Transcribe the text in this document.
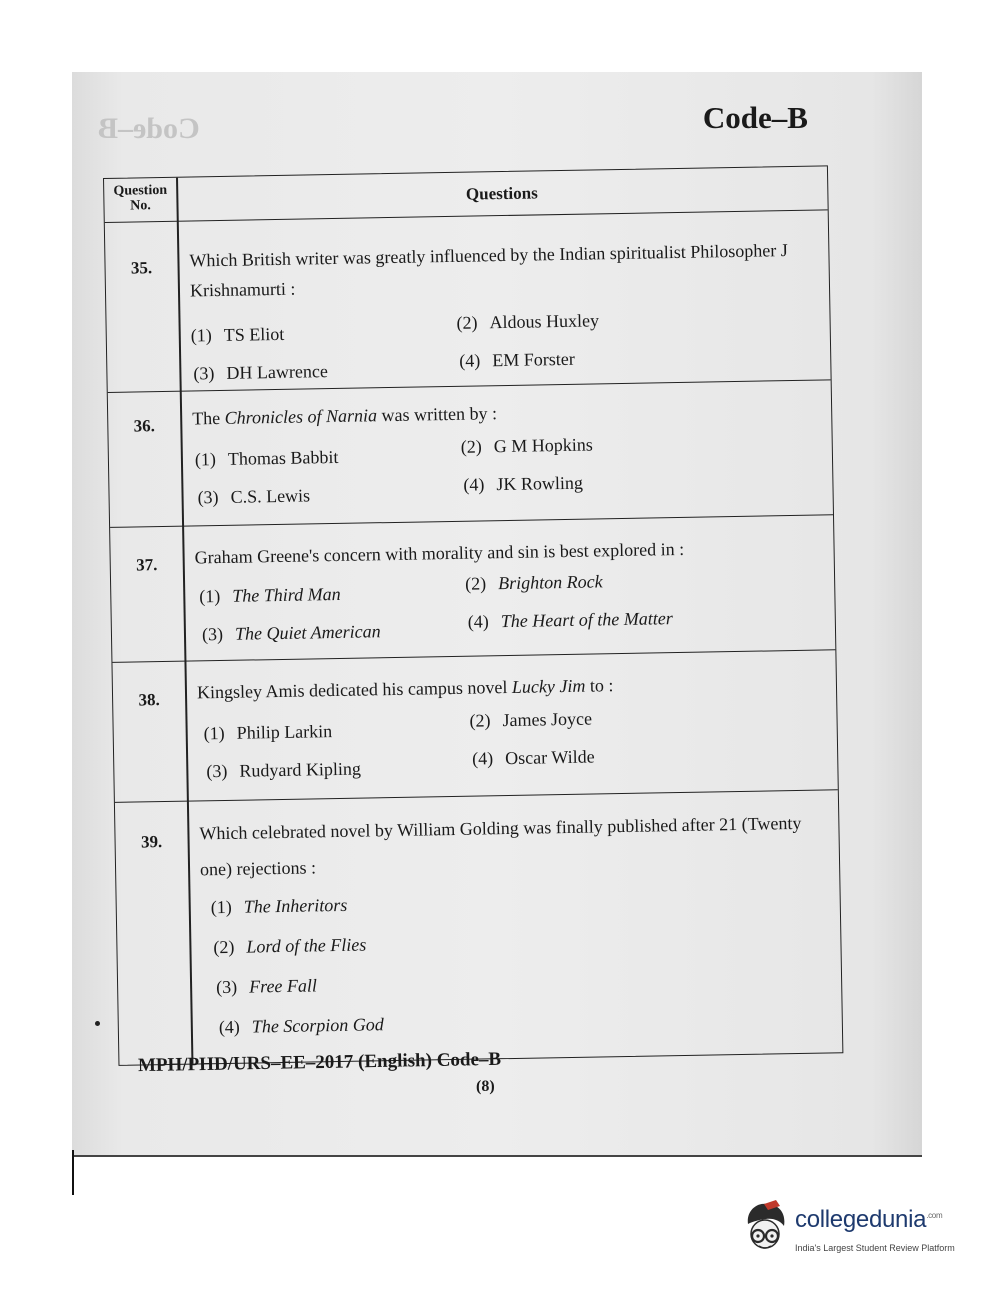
Code–B	Code–B
Question No.
Questions
35.	Which British writer was greatly influenced by the Indian spiritualist Philosopher J Krishnamurti :
(1) TS Eliot
(2) Aldous Huxley
(3) DH Lawrence
(4) EM Forster
36.	The Chronicles of Narnia was written by :
(1) Thomas Babbit
(2) G M Hopkins
(3) C.S. Lewis
(4) JK Rowling
37.	Graham Greene's concern with morality and sin is best explored in :
(1) The Third Man
(2) Brighton Rock
(3) The Quiet American	(4) The Heart of the Matter
38.	Kingsley Amis dedicated his campus novel Lucky Jim to :
(1) Philip Larkin
(2) James Joyce
(3) Rudyard Kipling
(4) Oscar Wilde
39.	Which celebrated novel by William Golding was finally published after 21 (Twenty one) rejections :
(1) The Inheritors
(2) Lord of the Flies
(3) Free Fall
(4) The Scorpion God
MPH/PHD/URS–EE–2017 (English) Code–B
(8)
collegedunia$^{.com}$
India's Largest Student Review Platform
